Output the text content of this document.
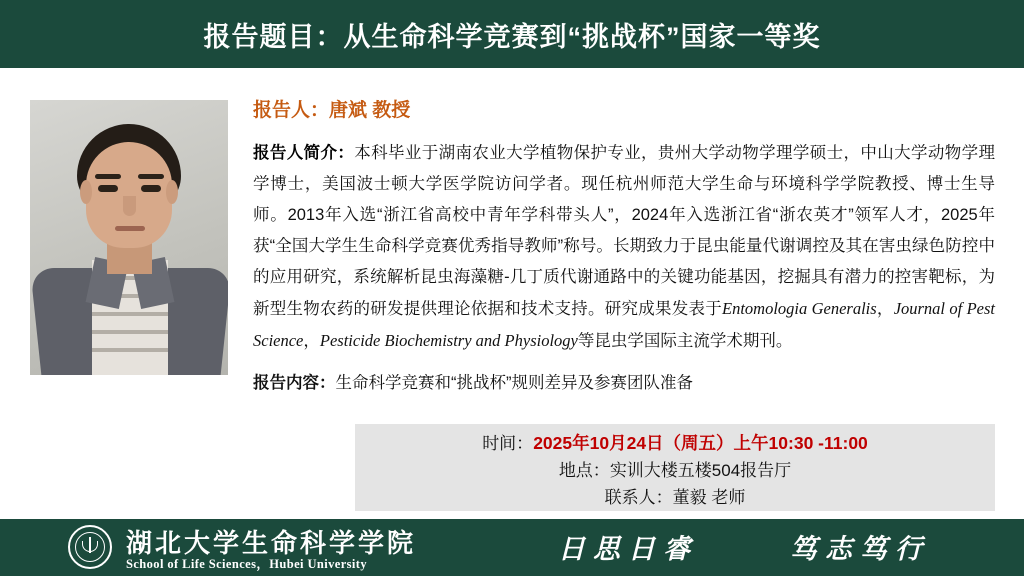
报告题目：从生命科学竞赛到“挑战杯”国家一等奖
报告人：唐斌 教授
报告人简介：本科毕业于湖南农业大学植物保护专业，贵州大学动物学理学硕士，中山大学动物学理学博士，美国波士顿大学医学院访问学者。现任杭州师范大学生命与环境科学学院教授、博士生导师。2013年入选“浙江省高校中青年学科带头人”，2024年入选浙江省“浙农英才”领军人才，2025年获“全国大学生生命科学竞赛优秀指导教师”称号。长期致力于昆虫能量代谢调控及其在害虫绿色防控中的应用研究，系统解析昆虫海藻糖-几丁质代谢通路中的关键功能基因，挖掘具有潜力的控害靶标，为新型生物农药的研发提供理论依据和技术支持。研究成果发表于Entomologia Generalis，Journal of Pest Science，Pesticide Biochemistry and Physiology等昆虫学国际主流学术期刊。
报告内容：生命科学竞赛和“挑战杯”规则差异及参赛团队准备
时间：2025年10月24日（周五）上午10:30 -11:00
地点：实训大楼五楼504报告厅
联系人：董毅 老师
湖北大学生命科学学院
School of Life Sciences，Hubei University	日思日睿	笃志笃行
